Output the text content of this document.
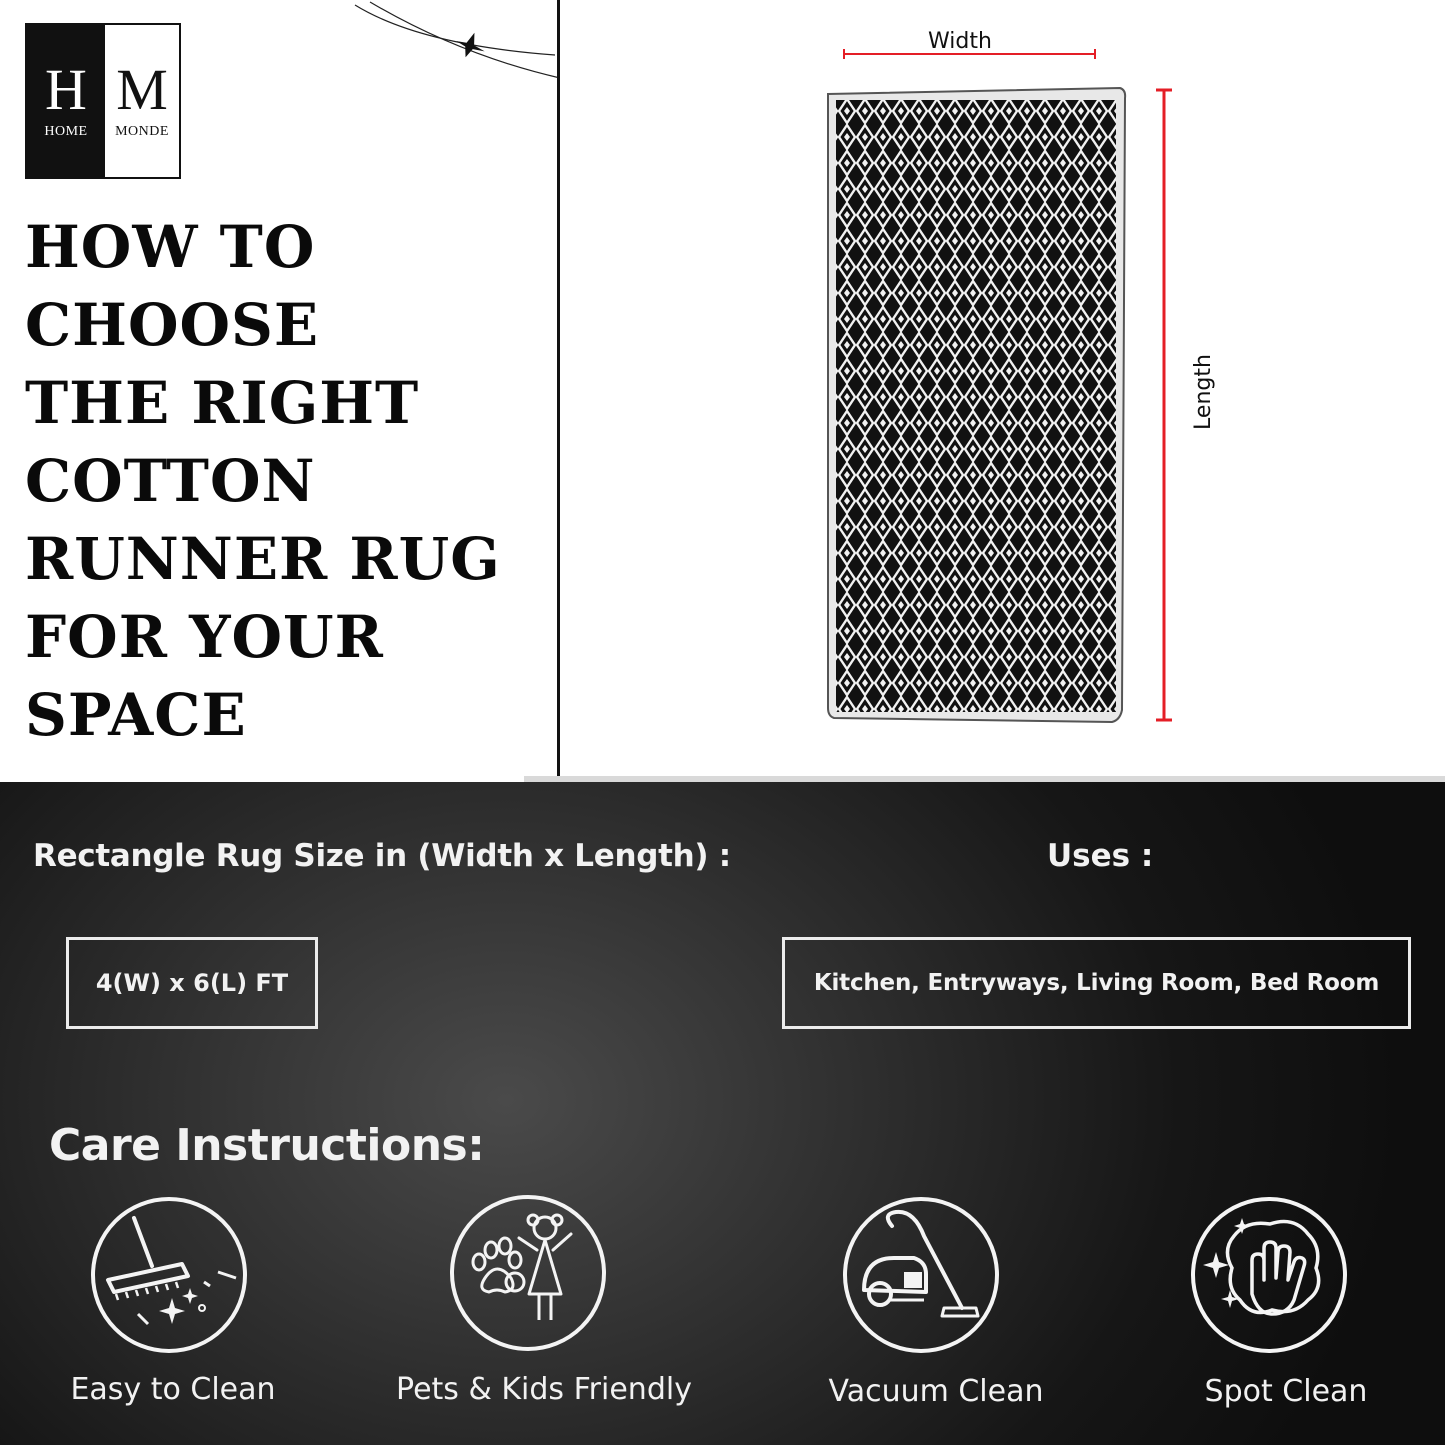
H
HOME
M
MONDE
HOW TO
CHOOSE
THE RIGHT
COTTON
RUNNER RUG
FOR YOUR
SPACE
Width
Length
Rectangle Rug Size in (Width x Length) :	Uses :
4(W) x 6(L) FT	Kitchen, Entryways, Living Room, Bed Room
Care Instructions:
Easy to Clean	Pets & Kids Friendly	Vacuum Clean	Spot Clean
